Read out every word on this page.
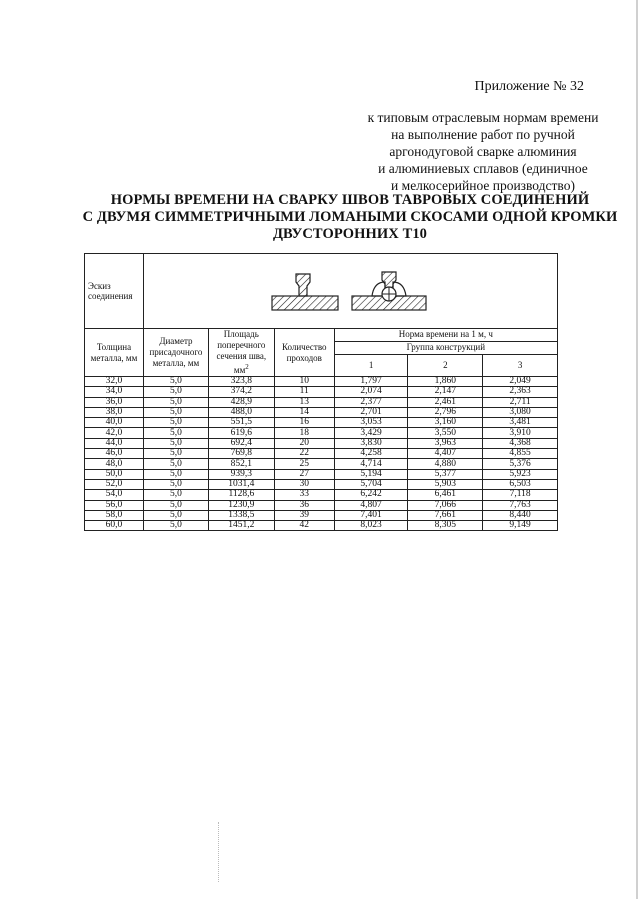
Приложение № 32
к типовым отраслевым нормам времени
на выполнение работ по ручной
аргонодуговой сварке алюминия
и алюминиевых сплавов (единичное
и мелкосерийное производство)
НОРМЫ ВРЕМЕНИ НА СВАРКУ ШВОВ ТАВРОВЫХ СОЕДИНЕНИЙ
С ДВУМЯ СИММЕТРИЧНЫМИ ЛОМАНЫМИ СКОСАМИ ОДНОЙ КРОМКИ
ДВУСТОРОННИХ Т10
Эскиз соединения	

Толщина металла, мм	Диаметр присадочного металла, мм	Площадь поперечного сечения шва, $мм^2$	Количество проходов	Норма времени на 1 м, ч		
				Группа конструкций		
				1	2	3
32,0	5,0	323,8	10	1,797	1,860	2,049
34,0	5,0	374,2	11	2,074	2,147	2,363
36,0	5,0	428,9	13	2,377	2,461	2,711
38,0	5,0	488,0	14	2,701	2,796	3,080
40,0	5,0	551,5	16	3,053	3,160	3,481
42,0	5,0	619,6	18	3,429	3,550	3,910
44,0	5,0	692,4	20	3,830	3,963	4,368
46,0	5,0	769,8	22	4,258	4,407	4,855
48,0	5,0	852,1	25	4,714	4,880	5,376
50,0	5,0	939,3	27	5,194	5,377	5,923
52,0	5,0	1031,4	30	5,704	5,903	6,503
54,0	5,0	1128,6	33	6,242	6,461	7,118
56,0	5,0	1230,9	36	4,807	7,066	7,763
58,0	5,0	1338,5	39	7,401	7,661	8,440
60,0	5,0	1451,2	42	8,023	8,305	9,149
